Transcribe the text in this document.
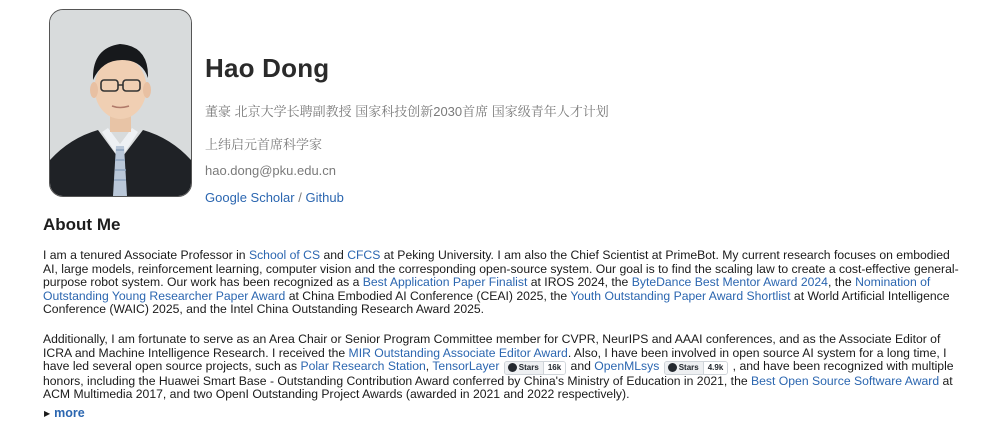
Hao Dong
董豪 北京大学长聘副教授 国家科技创新2030首席 国家级青年人才计划
上纬启元首席科学家
hao.dong@pku.edu.cn
Google Scholar / Github
About Me

I am a tenured Associate Professor in School of CS and CFCS at Peking University. I am also the Chief Scientist at PrimeBot. My current research focuses on embodied AI, large models, reinforcement learning, computer vision and the corresponding open-source system. Our goal is to find the scaling law to create a cost-effective general-purpose robot system. Our work has been recognized as a Best Application Paper Finalist at IROS 2024, the ByteDance Best Mentor Award 2024, the Nomination of Outstanding Young Researcher Paper Award at China Embodied AI Conference (CEAI) 2025, the Youth Outstanding Paper Award Shortlist at World Artificial Intelligence Conference (WAIC) 2025, and the Intel China Outstanding Research Award 2025.

Additionally, I am fortunate to serve as an Area Chair or Senior Program Committee member for CVPR, NeurIPS and AAAI conferences, and as the Associate Editor of ICRA and Machine Intelligence Research. I received the MIR Outstanding Associate Editor Award. Also, I have been involved in open source AI system for a long time, I have led several open source projects, such as Polar Research Station, TensorLayer Stars	16k and OpenMLsys Stars	4.9k , and have been recognized with multiple honors, including the Huawei Smart Base - Outstanding Contribution Award conferred by China's Ministry of Education in 2021, the Best Open Source Software Award at ACM Multimedia 2017, and two OpenI Outstanding Project Awards (awarded in 2021 and 2022 respectively).

▶ more
